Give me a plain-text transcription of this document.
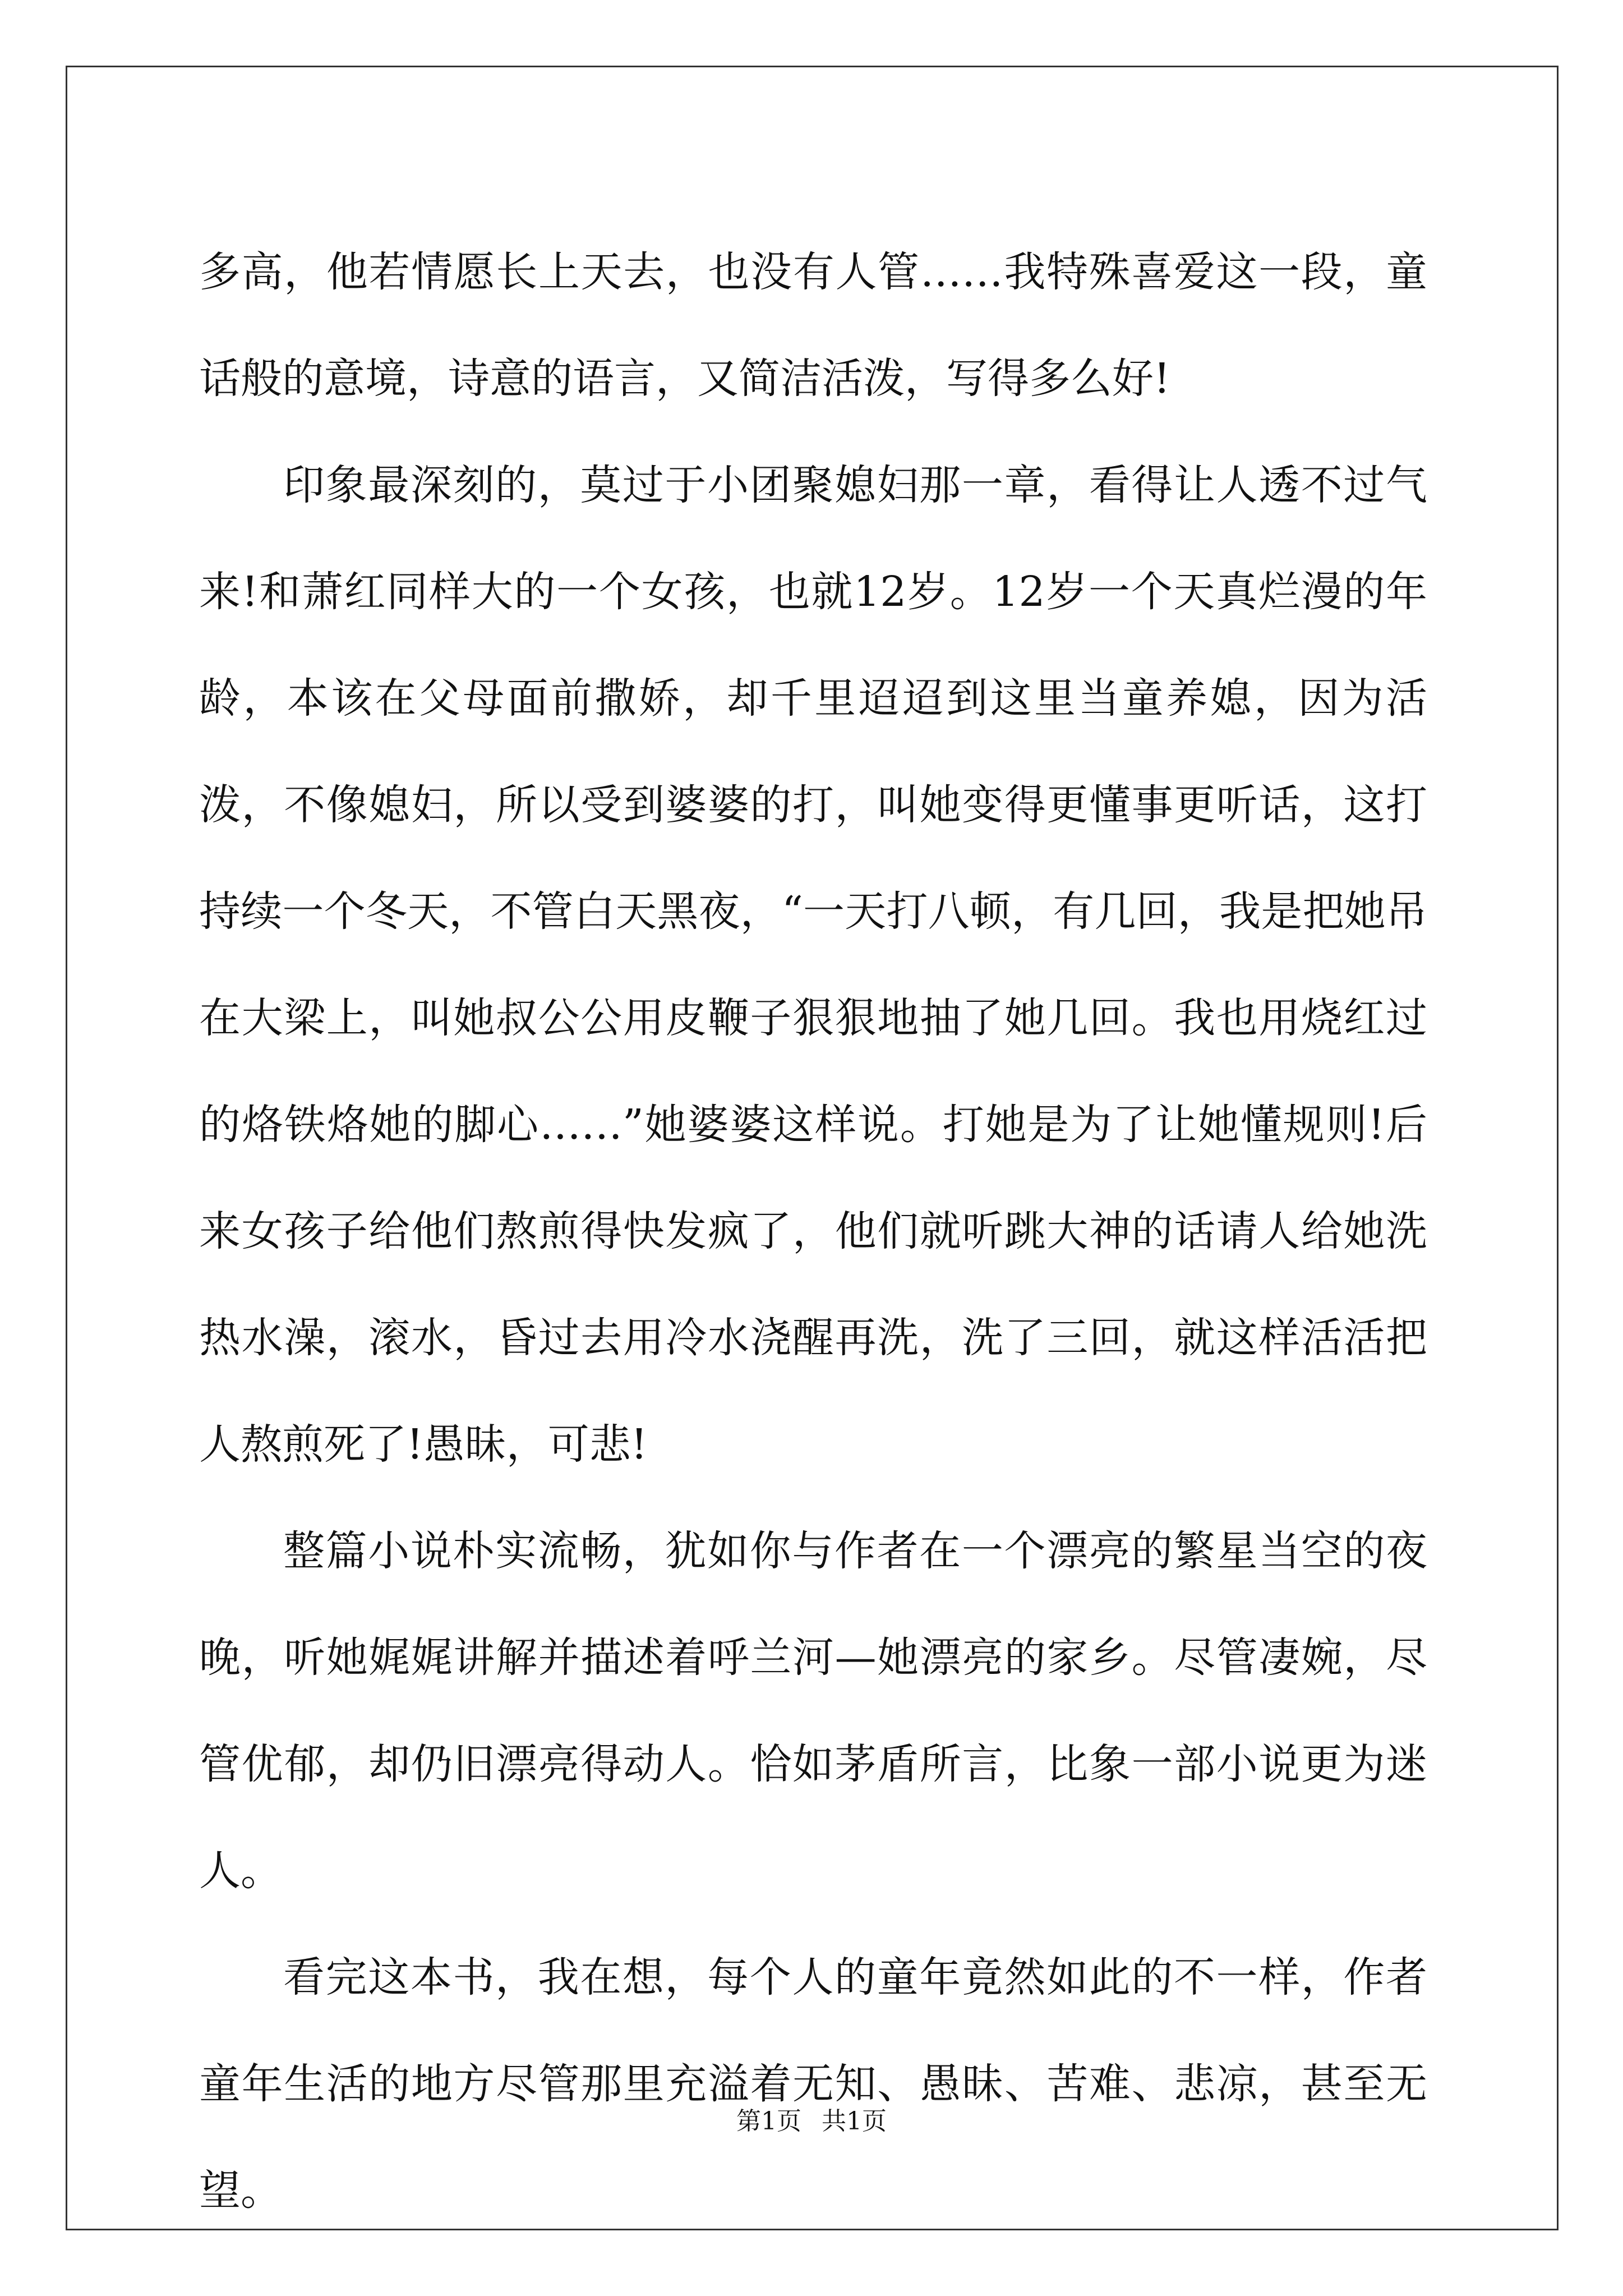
多高，他若情愿长上天去，也没有人管……我特殊喜爱这一段，童话般的意境，诗意的语言，又简洁活泼，写得多么好!

印象最深刻的，莫过于小团聚媳妇那一章，看得让人透不过气来!和萧红同样大的一个女孩，也就12岁。12岁一个天真烂漫的年龄，本该在父母面前撒娇，却千里迢迢到这里当童养媳，因为活泼，不像媳妇，所以受到婆婆的打，叫她变得更懂事更听话，这打持续一个冬天，不管白天黑夜，“一天打八顿，有几回，我是把她吊在大梁上，叫她叔公公用皮鞭子狠狠地抽了她几回。我也用烧红过的烙铁烙她的脚心……”她婆婆这样说。打她是为了让她懂规则!后来女孩子给他们熬煎得快发疯了，他们就听跳大神的话请人给她洗热水澡，滚水，昏过去用冷水浇醒再洗，洗了三回，就这样活活把人熬煎死了!愚昧，可悲!

整篇小说朴实流畅，犹如你与作者在一个漂亮的繁星当空的夜晚，听她娓娓讲解并描述着呼兰河—她漂亮的家乡。尽管凄婉，尽管优郁，却仍旧漂亮得动人。恰如茅盾所言，比象一部小说更为迷人。

看完这本书，我在想，每个人的童年竟然如此的不一样，作者童年生活的地方尽管那里充溢着无知、愚昧、苦难、悲凉，甚至无望。

第1页 共1页
